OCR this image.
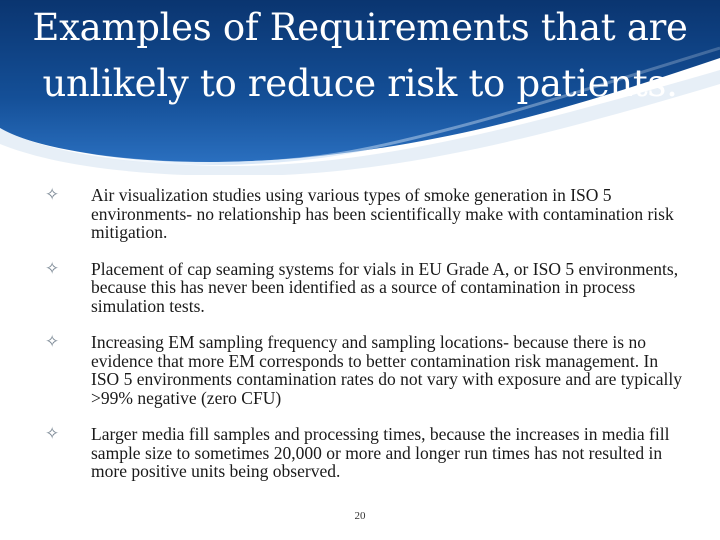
Examples of Requirements that are unlikely to reduce risk to patients.
✧	Air visualization studies using various types of smoke generation in ISO 5 environments- no relationship has been scientifically make with contamination risk mitigation.
✧	Placement of cap seaming systems for vials in EU Grade A, or ISO 5 environments, because this has never been identified as a source of contamination in process simulation tests.
✧	Increasing EM sampling frequency and sampling locations- because there is no evidence that more EM corresponds to better contamination risk management. In ISO 5 environments contamination rates do not vary with exposure and are typically >99% negative (zero CFU)
✧	Larger media fill samples and processing times, because the increases in media fill sample size to sometimes 20,000 or more and longer run times has not resulted in more positive units being observed.
20
